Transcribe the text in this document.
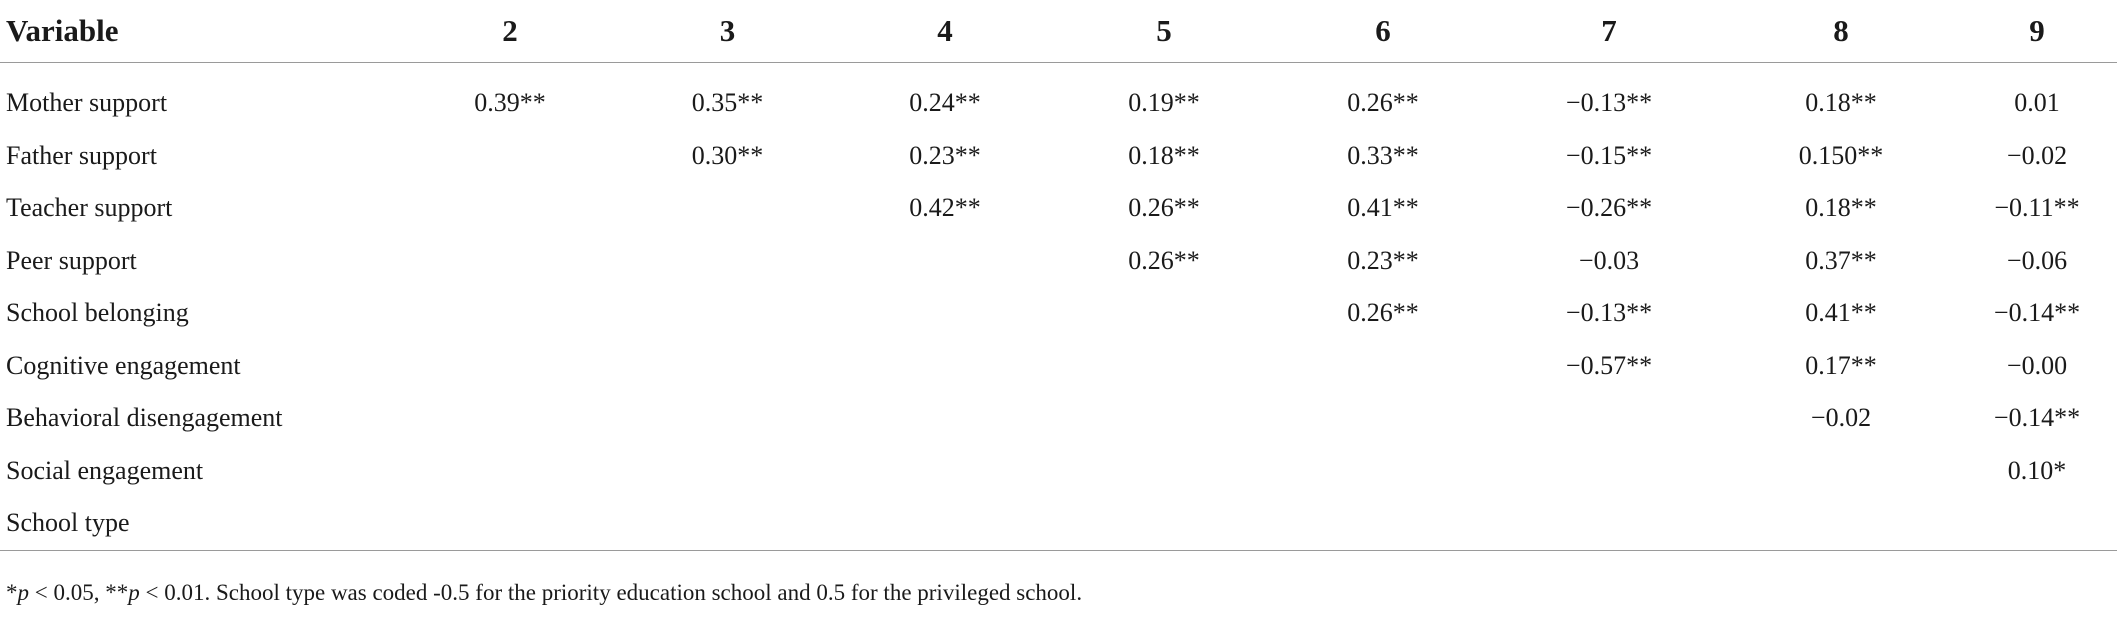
Variable	2	3	4	5	6	7	8	9

Mother support	0.39**	0.35**	0.24**	0.19**	0.26**	−0.13**	0.18**	0.01
Father support		0.30**	0.23**	0.18**	0.33**	−0.15**	0.150**	−0.02
Teacher support			0.42**	0.26**	0.41**	−0.26**	0.18**	−0.11**
Peer support				0.26**	0.23**	−0.03	0.37**	−0.06
School belonging					0.26**	−0.13**	0.41**	−0.14**
Cognitive engagement						−0.57**	0.17**	−0.00
Behavioral disengagement							−0.02	−0.14**
Social engagement								0.10*
School type								
*p < 0.05, **p < 0.01. School type was coded -0.5 for the priority education school and 0.5 for the privileged school.
